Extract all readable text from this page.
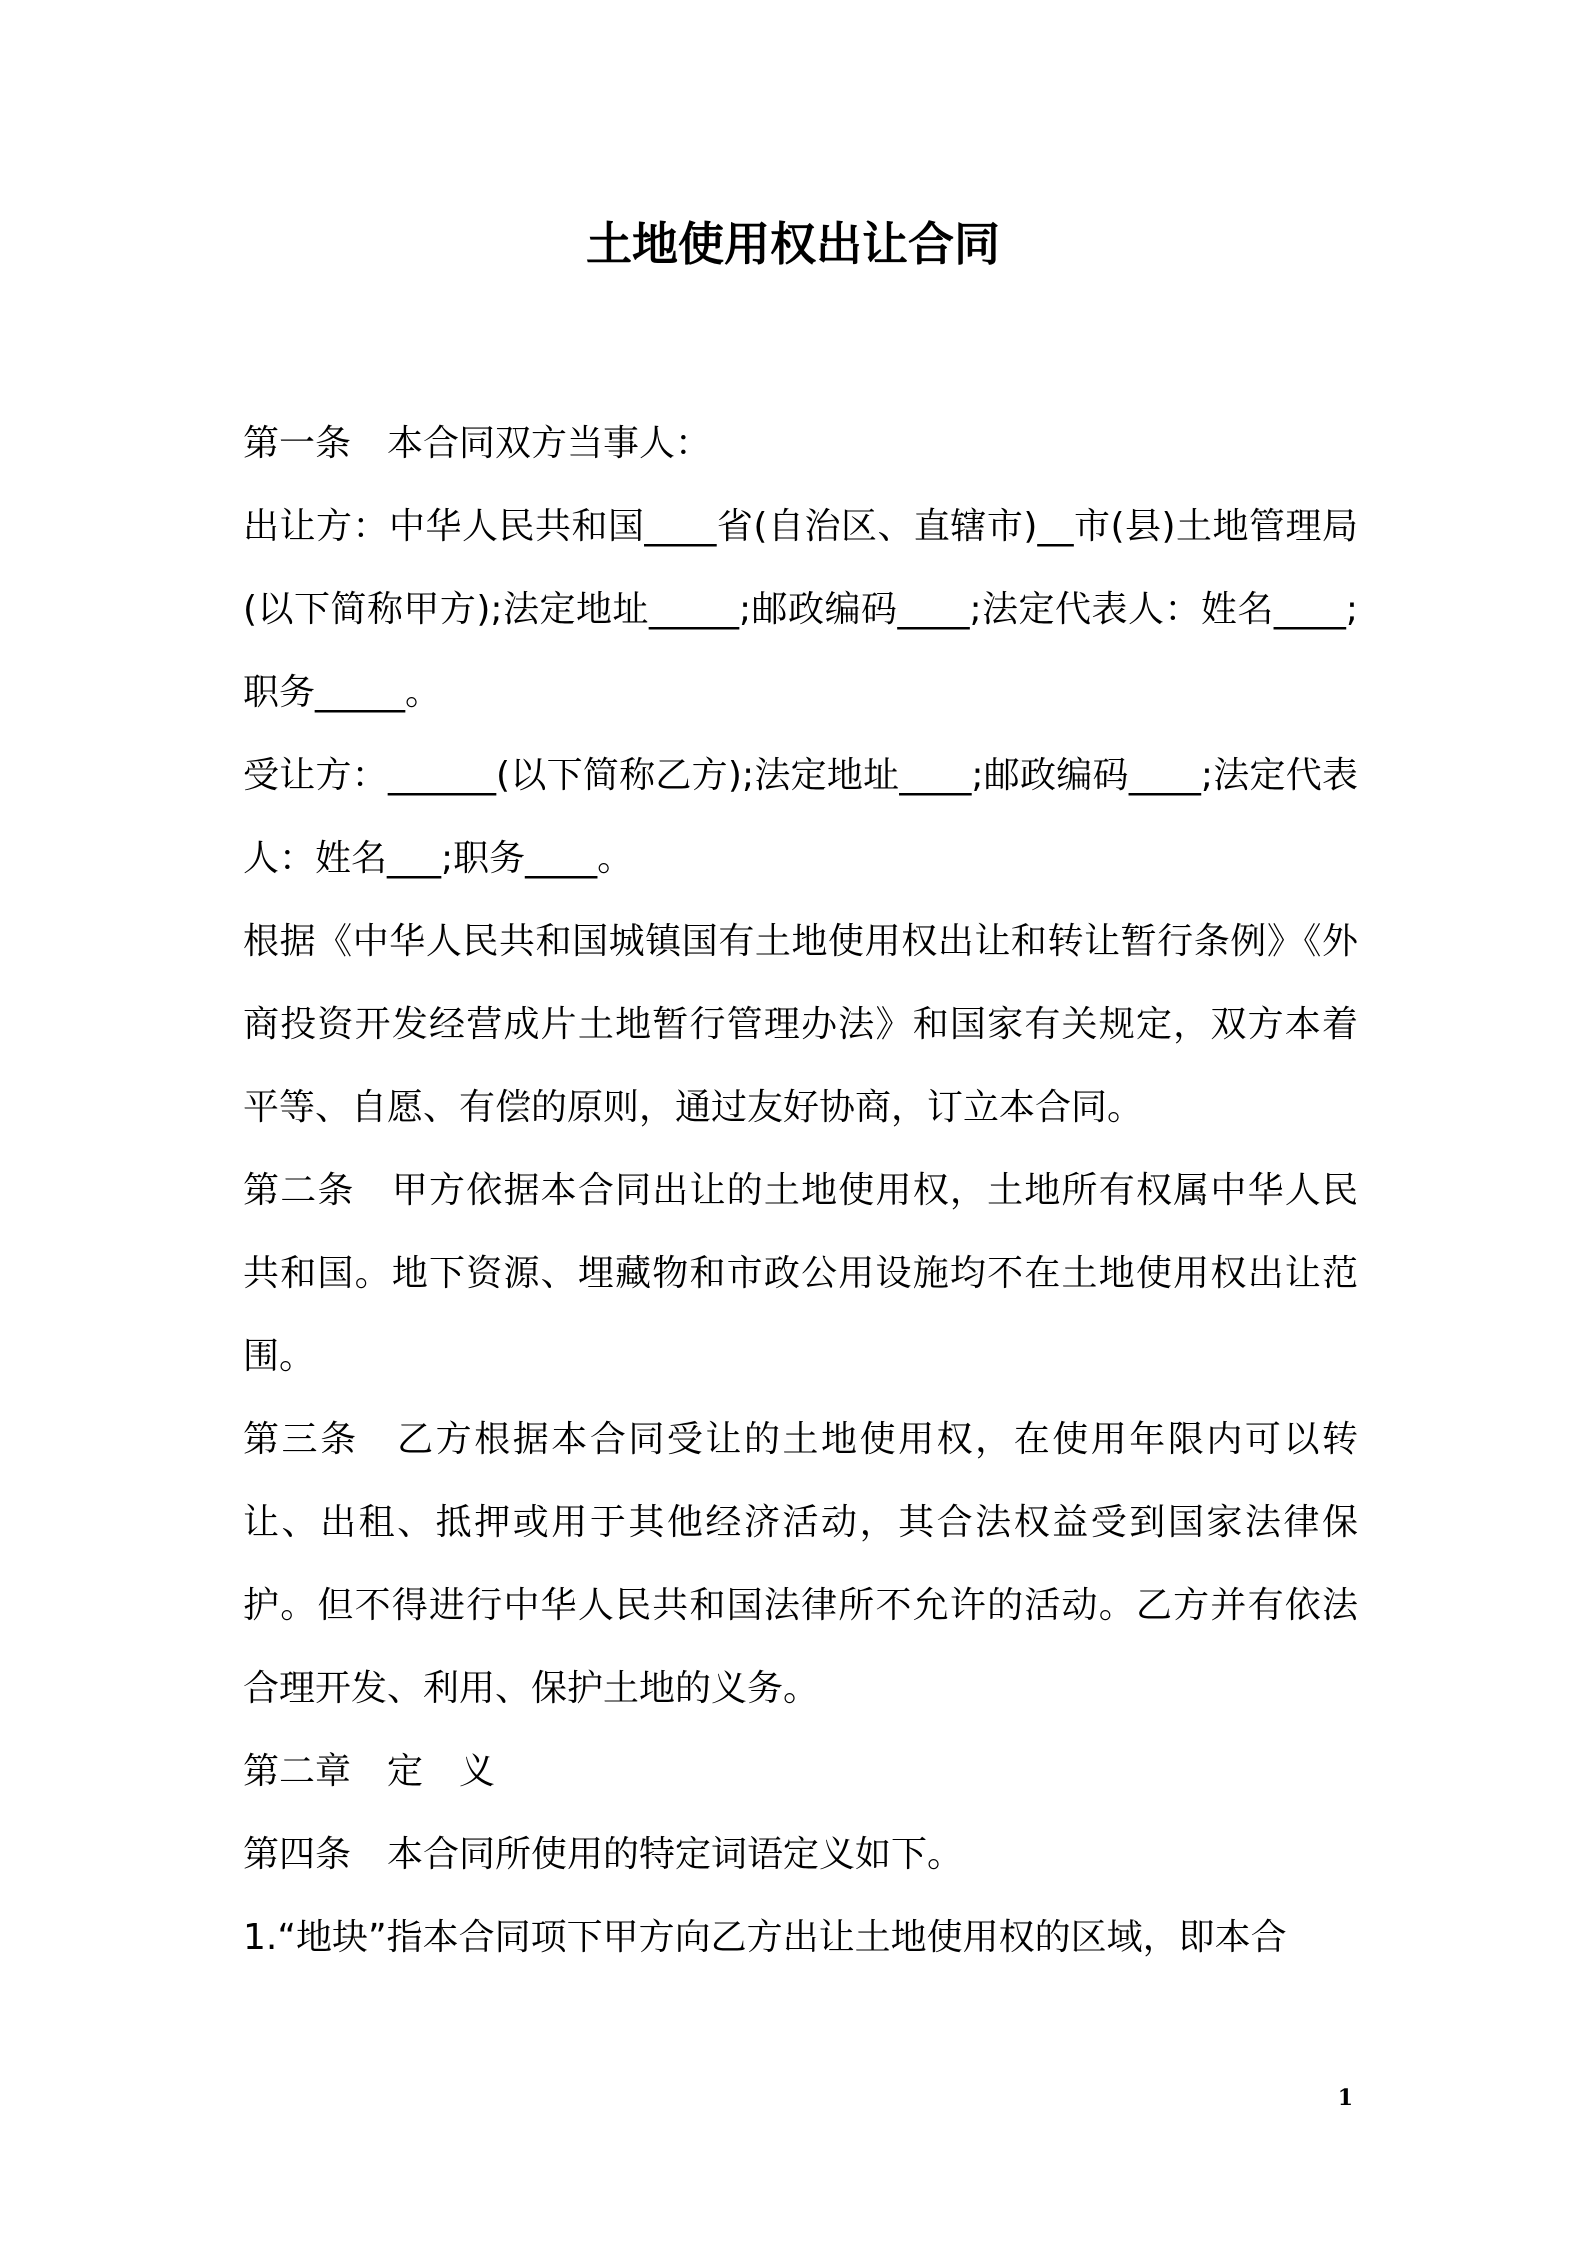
土地使用权出让合同

第一条　本合同双方当事人：

出让方：中华人民共和国____省(自治区、直辖市)__市(县)土地管理局(以下简称甲方);法定地址_____;邮政编码____;法定代表人：姓名____;职务_____。

受让方：______(以下简称乙方);法定地址____;邮政编码____;法定代表人：姓名___;职务____。

根据《中华人民共和国城镇国有土地使用权出让和转让暂行条例》《外商投资开发经营成片土地暂行管理办法》和国家有关规定，双方本着平等、自愿、有偿的原则，通过友好协商，订立本合同。

第二条　甲方依据本合同出让的土地使用权，土地所有权属中华人民共和国。地下资源、埋藏物和市政公用设施均不在土地使用权出让范围。

第三条　乙方根据本合同受让的土地使用权，在使用年限内可以转让、出租、抵押或用于其他经济活动，其合法权益受到国家法律保护。但不得进行中华人民共和国法律所不允许的活动。乙方并有依法合理开发、利用、保护土地的义务。

第二章　定　义

第四条　本合同所使用的特定词语定义如下。

1.“地块”指本合同项下甲方向乙方出让土地使用权的区域，即本合

1
